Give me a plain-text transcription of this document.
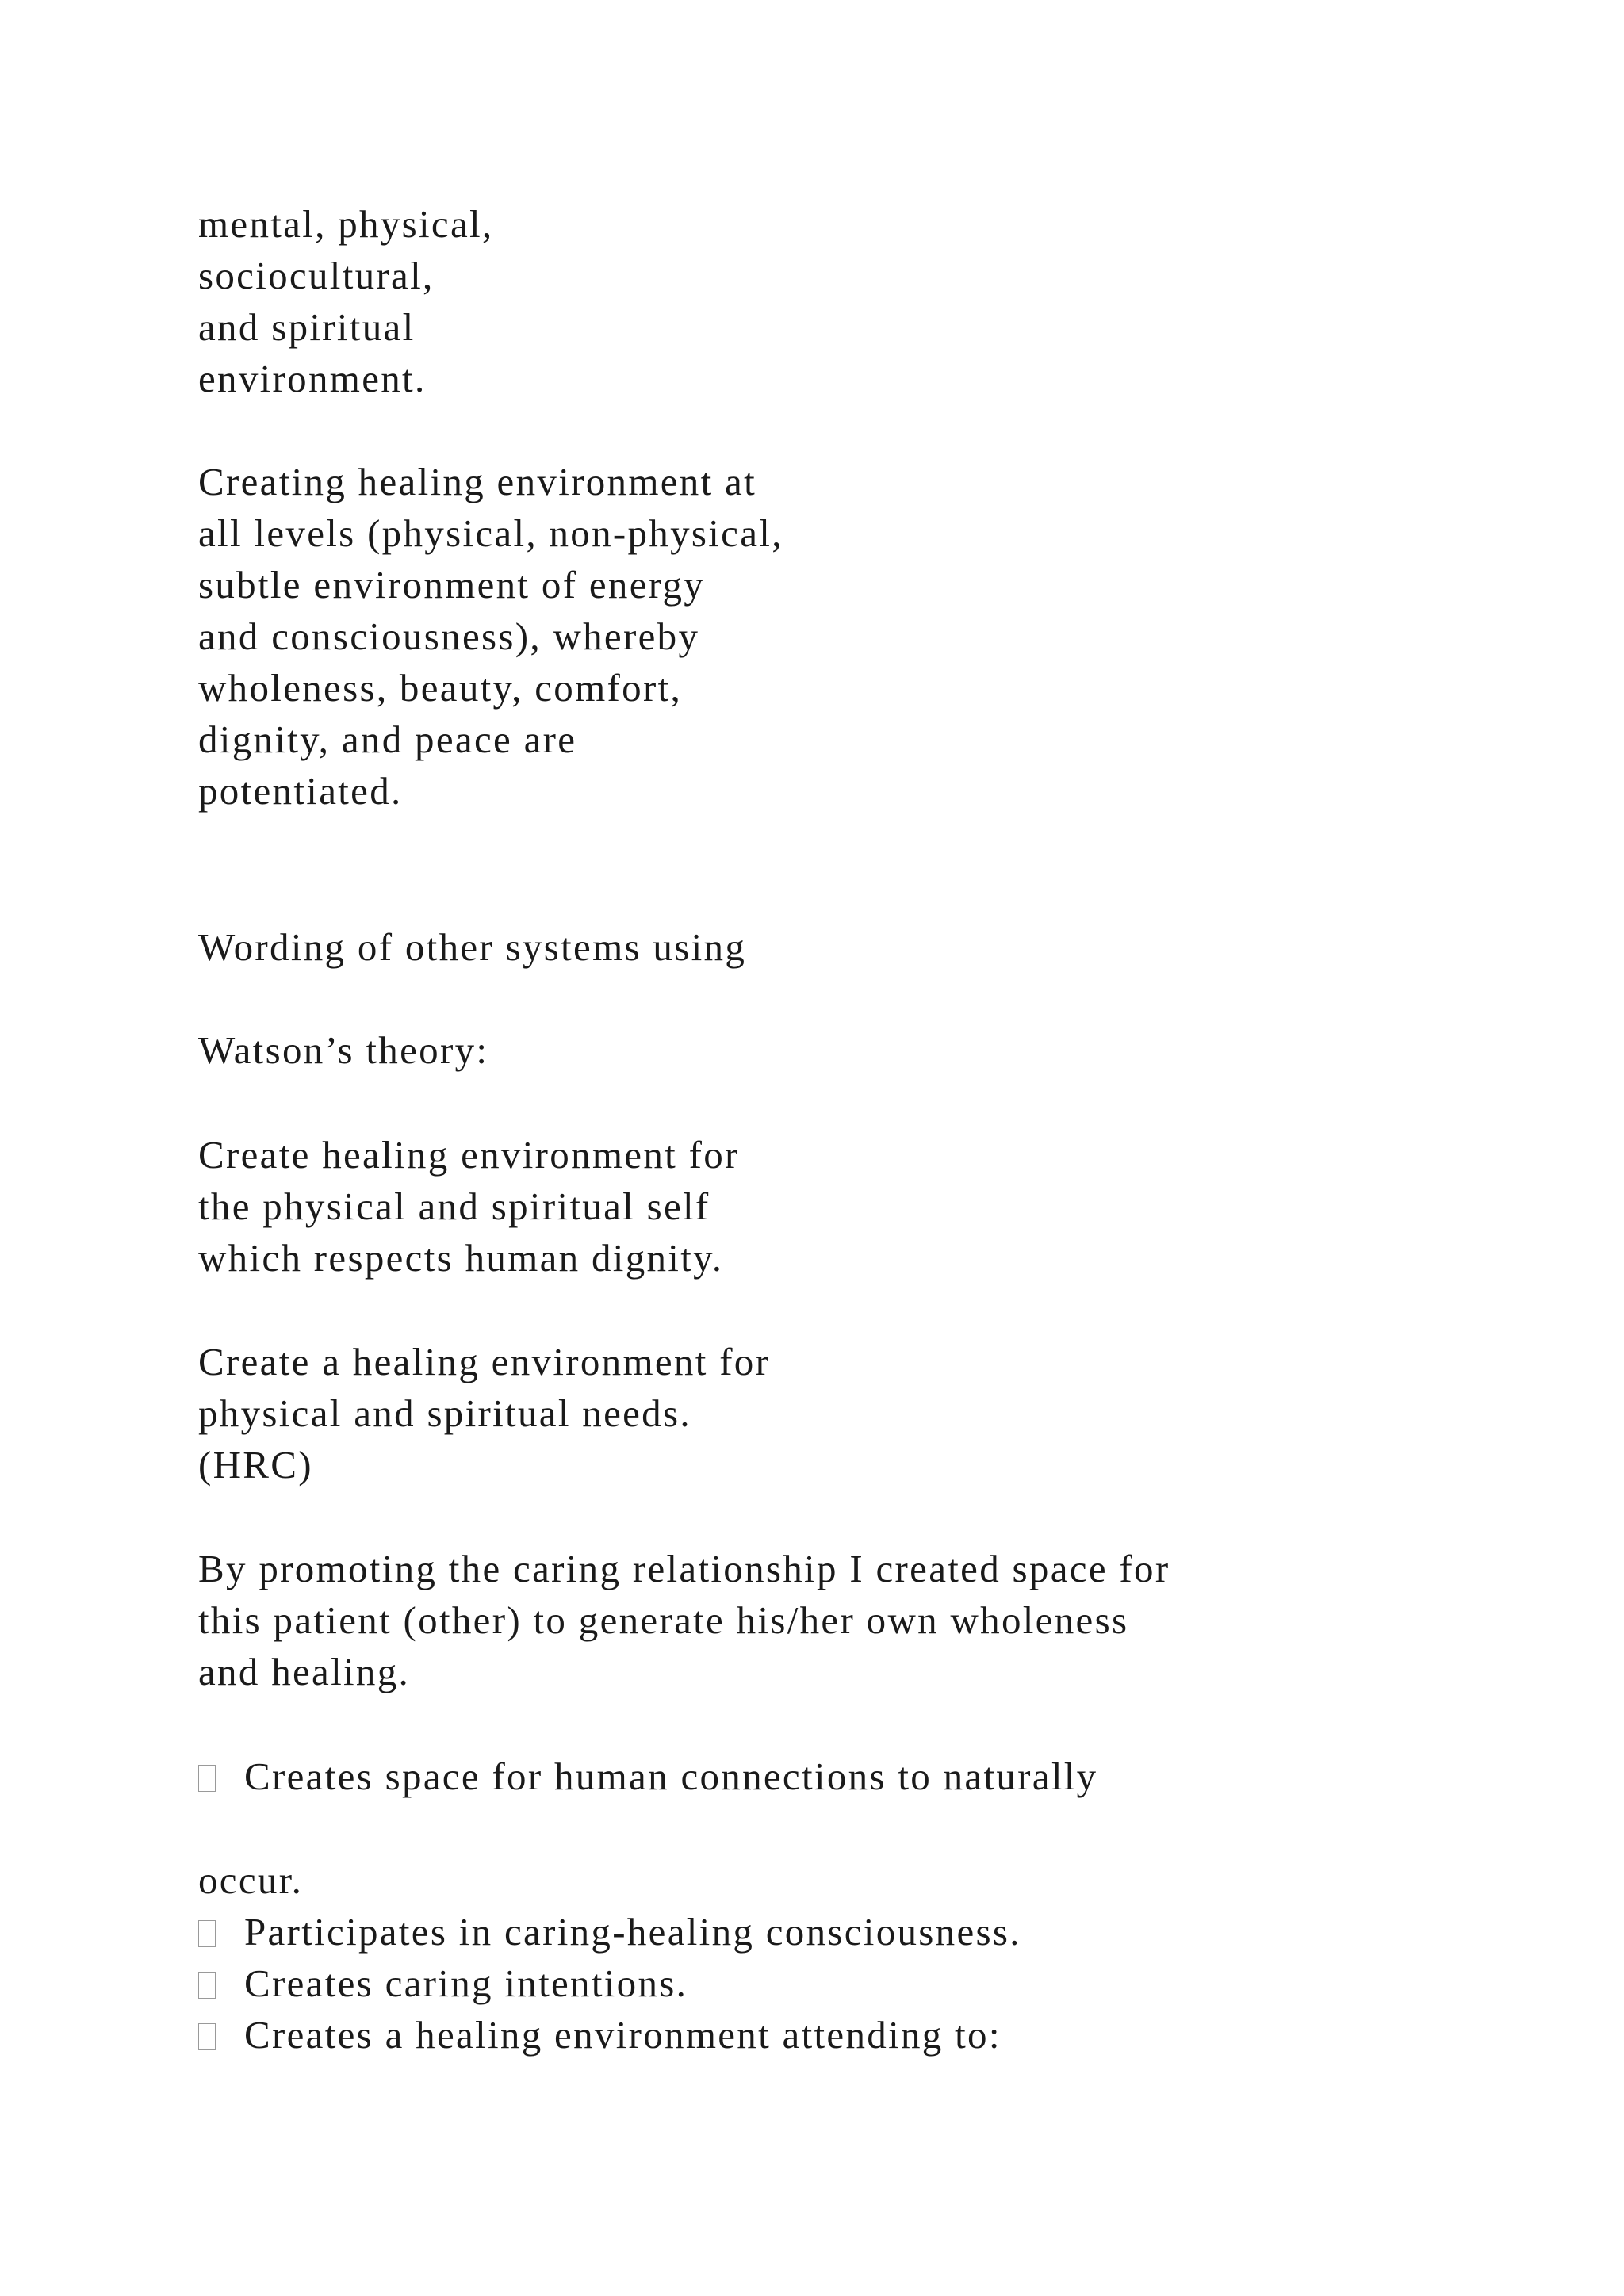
mental, physical,

sociocultural,

and spiritual

environment.

Creating healing environment at

all levels (physical, non-physical,

subtle environment of energy

and consciousness), whereby

wholeness, beauty, comfort,

dignity, and peace are

potentiated.

Wording of other systems using

Watson’s theory:

Create healing environment for

the physical and spiritual self

which respects human dignity.

Create a healing environment for

physical and spiritual needs.

(HRC)

By promoting the caring relationship I created space for

this patient (other) to generate his/her own wholeness

and healing.

Creates space for human connections to naturally

occur.

Participates in caring-healing consciousness.

Creates caring intentions.

Creates a healing environment attending to:
